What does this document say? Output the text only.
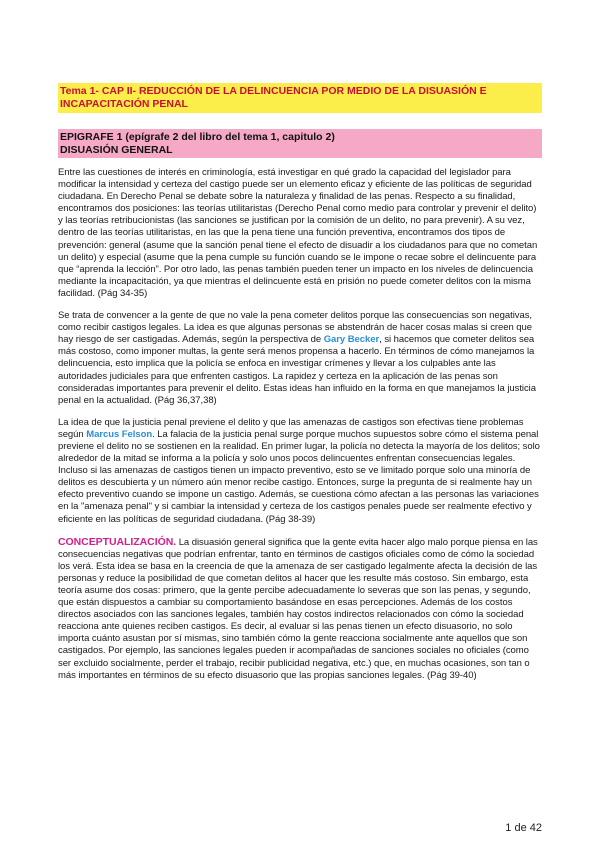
Tema 1- CAP II- REDUCCIÓN DE LA DELINCUENCIA POR MEDIO DE LA DISUASIÓN E INCAPACITACIÓN PENAL
EPIGRAFE 1 (epígrafe 2 del libro del tema 1, capitulo 2)
DISUASIÓN GENERAL

Entre las cuestiones de interés en criminología, está investigar en qué grado la capacidad del legislador para modificar la intensidad y certeza del castigo puede ser un elemento eficaz y eficiente de las políticas de seguridad ciudadana. En Derecho Penal se debate sobre la naturaleza y finalidad de las penas. Respecto a su finalidad, encontramos dos posiciones: las teorías utilitaristas (Derecho Penal como medio para controlar y prevenir el delito) y las teorías retribucionistas (las sanciones se justifican por la comisión de un delito, no para prevenir). A su vez, dentro de las teorías utilitaristas, en las que la pena tiene una función preventiva, encontramos dos tipos de prevención: general (asume que la sanción penal tiene el efecto de disuadir a los ciudadanos para que no cometan un delito) y especial (asume que la pena cumple su función cuando se le impone o recae sobre el delincuente para que “aprenda la lección”. Por otro lado, las penas también pueden tener un impacto en los niveles de delincuencia mediante la incapacitación, ya que mientras el delincuente está en prisión no puede cometer delitos con la misma facilidad. (Pág 34-35)

Se trata de convencer a la gente de que no vale la pena cometer delitos porque las consecuencias son negativas, como recibir castigos legales. La idea es que algunas personas se abstendrán de hacer cosas malas si creen que hay riesgo de ser castigadas. Además, según la perspectiva de Gary Becker, si hacemos que cometer delitos sea más costoso, como imponer multas, la gente será menos propensa a hacerlo. En términos de cómo manejamos la delincuencia, esto implica que la policía se enfoca en investigar crímenes y llevar a los culpables ante las autoridades judiciales para que enfrenten castigos. La rapidez y certeza en la aplicación de las penas son consideradas importantes para prevenir el delito. Estas ideas han influido en la forma en que manejamos la justicia penal en la actualidad. (Pág 36,37,38)

La idea de que la justicia penal previene el delito y que las amenazas de castigos son efectivas tiene problemas según Marcus Felson. La falacia de la justicia penal surge porque muchos supuestos sobre cómo el sistema penal previene el delito no se sostienen en la realidad. En primer lugar, la policía no detecta la mayoría de los delitos; solo alrededor de la mitad se informa a la policía y solo unos pocos delincuentes enfrentan consecuencias legales. Incluso si las amenazas de castigos tienen un impacto preventivo, esto se ve limitado porque solo una minoría de delitos es descubierta y un número aún menor recibe castigo. Entonces, surge la pregunta de si realmente hay un efecto preventivo cuando se impone un castigo. Además, se cuestiona cómo afectan a las personas las variaciones en la "amenaza penal" y si cambiar la intensidad y certeza de los castigos penales puede ser realmente efectivo y eficiente en las políticas de seguridad ciudadana. (Pág 38-39)

CONCEPTUALIZACIÓN. La disuasión general significa que la gente evita hacer algo malo porque piensa en las consecuencias negativas que podrían enfrentar, tanto en términos de castigos oficiales como de cómo la sociedad los verá. Esta idea se basa en la creencia de que la amenaza de ser castigado legalmente afecta la decisión de las personas y reduce la posibilidad de que cometan delitos al hacer que les resulte más costoso. Sin embargo, esta teoría asume dos cosas: primero, que la gente percibe adecuadamente lo severas que son las penas, y segundo, que están dispuestos a cambiar su comportamiento basándose en esas percepciones. Además de los costos directos asociados con las sanciones legales, también hay costos indirectos relacionados con cómo la sociedad reacciona ante quienes reciben castigos. Es decir, al evaluar si las penas tienen un efecto disuasorio, no solo importa cuánto asustan por sí mismas, sino también cómo la gente reacciona socialmente ante aquellos que son castigados. Por ejemplo, las sanciones legales pueden ir acompañadas de sanciones sociales no oficiales (como ser excluido socialmente, perder el trabajo, recibir publicidad negativa, etc.) que, en muchas ocasiones, son tan o más importantes en términos de su efecto disuasorio que las propias sanciones legales. (Pág 39-40)

1 de 42
